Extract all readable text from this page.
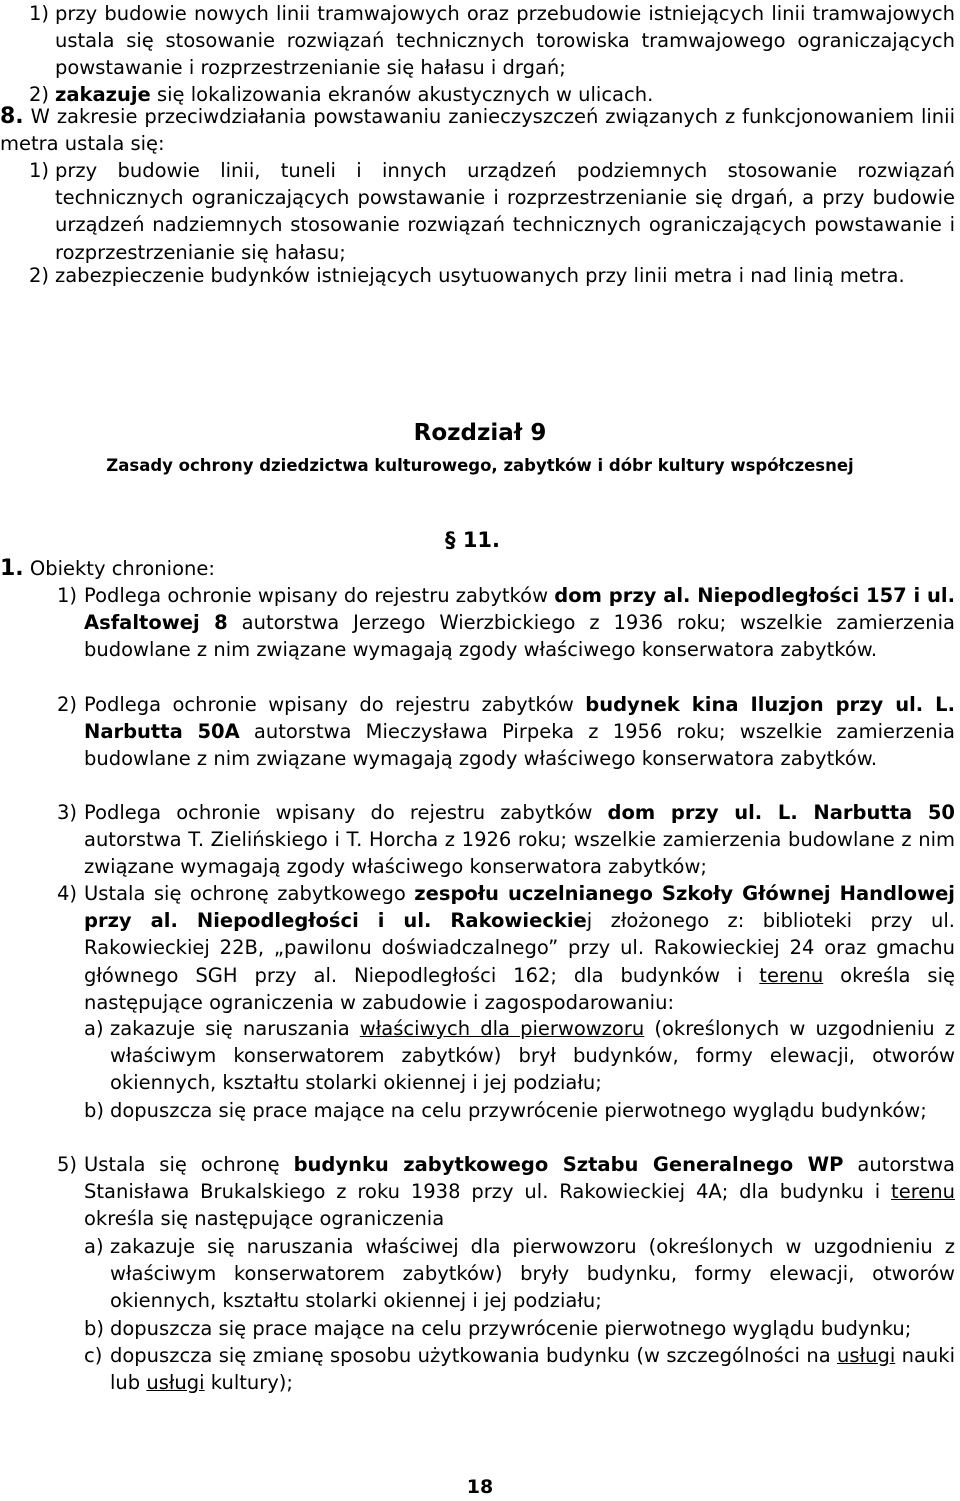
1) przy budowie nowych linii tramwajowych oraz przebudowie istniejących linii tramwajowych ustala się stosowanie rozwiązań technicznych torowiska tramwajowego ograniczających powstawanie i rozprzestrzenianie się hałasu i drgań;

2) zakazuje się lokalizowania ekranów akustycznych w ulicach.

8. W zakresie przeciwdziałania powstawaniu zanieczyszczeń związanych z funkcjonowaniem linii metra ustala się:

1) przy budowie linii, tuneli i innych urządzeń podziemnych stosowanie rozwiązań technicznych ograniczających powstawanie i rozprzestrzenianie się drgań, a przy budowie urządzeń nadziemnych stosowanie rozwiązań technicznych ograniczających powstawanie i rozprzestrzenianie się hałasu;

2) zabezpieczenie budynków istniejących usytuowanych przy linii metra i nad linią metra.

Rozdział 9

Zasady ochrony dziedzictwa kulturowego, zabytków i dóbr kultury współczesnej

§ 11.

1. Obiekty chronione:

1) Podlega ochronie wpisany do rejestru zabytków dom przy al. Niepodległości 157 i ul. Asfaltowej 8 autorstwa Jerzego Wierzbickiego z 1936 roku; wszelkie zamierzenia budowlane z nim związane wymagają zgody właściwego konserwatora zabytków.

2) Podlega ochronie wpisany do rejestru zabytków budynek kina Iluzjon przy ul. L. Narbutta 50A autorstwa Mieczysława Pirpeka z 1956 roku; wszelkie zamierzenia budowlane z nim związane wymagają zgody właściwego konserwatora zabytków.

3) Podlega ochronie wpisany do rejestru zabytków dom przy ul. L. Narbutta 50 autorstwa T. Zielińskiego i T. Horcha z 1926 roku; wszelkie zamierzenia budowlane z nim związane wymagają zgody właściwego konserwatora zabytków;

4) Ustala się ochronę zabytkowego zespołu uczelnianego Szkoły Głównej Handlowej przy al. Niepodległości i ul. Rakowieckiej złożonego z: biblioteki przy ul. Rakowieckiej 22B, „pawilonu doświadczalnego” przy ul. Rakowieckiej 24 oraz gmachu głównego SGH przy al. Niepodległości 162; dla budynków i terenu określa się następujące ograniczenia w zabudowie i zagospodarowaniu:

a) zakazuje się naruszania właściwych dla pierwowzoru (określonych w uzgodnieniu z właściwym konserwatorem zabytków) brył budynków, formy elewacji, otworów okiennych, kształtu stolarki okiennej i jej podziału;

b) dopuszcza się prace mające na celu przywrócenie pierwotnego wyglądu budynków;

5) Ustala się ochronę budynku zabytkowego Sztabu Generalnego WP autorstwa Stanisława Brukalskiego z roku 1938 przy ul. Rakowieckiej 4A; dla budynku i terenu określa się następujące ograniczenia

a) zakazuje się naruszania właściwej dla pierwowzoru (określonych w uzgodnieniu z właściwym konserwatorem zabytków) bryły budynku, formy elewacji, otworów okiennych, kształtu stolarki okiennej i jej podziału;

b) dopuszcza się prace mające na celu przywrócenie pierwotnego wyglądu budynku;

c) dopuszcza się zmianę sposobu użytkowania budynku (w szczególności na usługi nauki lub usługi kultury);

18
